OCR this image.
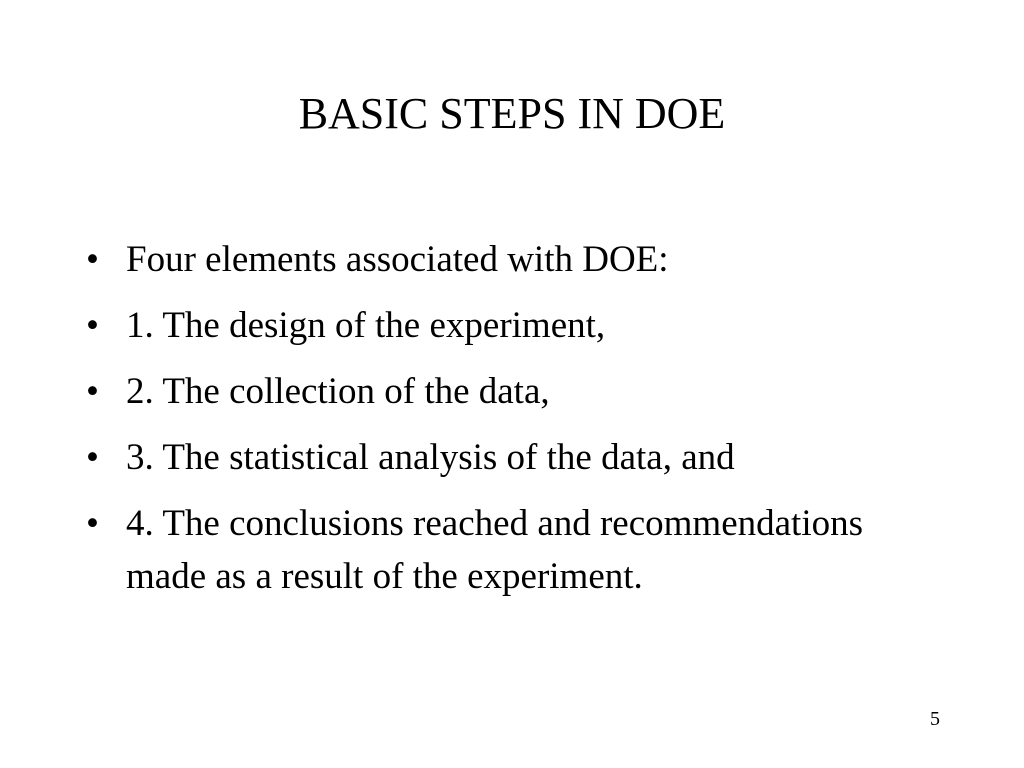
BASIC STEPS IN DOE
• Four elements associated with DOE:
• 1. The design of the experiment,
• 2. The collection of the data,
• 3. The statistical analysis of the data, and
• 4. The conclusions reached and recommendations made as a result of the experiment.
5
